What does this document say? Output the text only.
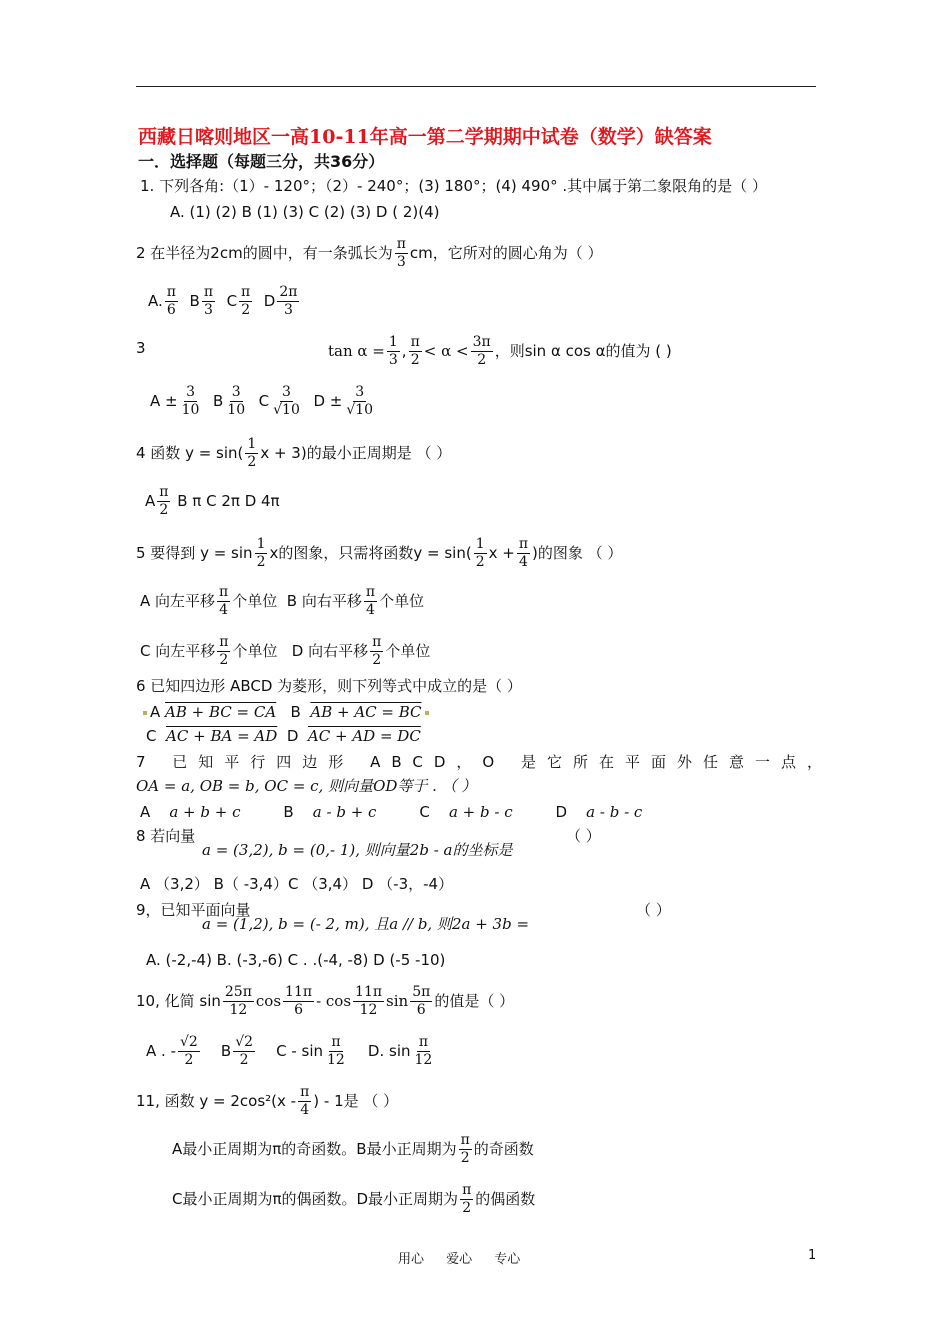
西藏日喀则地区一高10-11年高一第二学期期中试卷（数学）缺答案
一．选择题（每题三分，共36分）
1. 下列各角:（1）- 120°；（2）- 240°；(3) 180°；(4) 490° .其中属于第二象限角的是（ ）
A. (1) (2) B (1) (3) C (2) (3) D ( 2)(4)
2 在半径为2cm的圆中，有一条弧长为 $\frac{\pi}{3}$ cm，它所对的圆心角为（ ）
A. $\frac{\pi}{6}$ B $\frac{\pi}{3}$ C $\frac{\pi}{2}$ D $\frac{2\pi}{3}$
3	$\tan \alpha = \frac{1}{3}$ , $\frac{\pi}{2} < \alpha < \frac{3\pi}{2}$ ，则sin α cos α的值为 ( )
$A \pm \frac{3}{10}$ B $\frac{3}{10}$ C $\frac{3}{√10}$ $D \pm \frac{3}{√10}$
4 函数 $y = \sin( \frac{1}{2}$ x + 3)的最小正周期是 （ ）
A $\frac{\pi}{2}$ B π C 2π D 4π
5 要得到 $y = \sin \frac{1}{2}$ x的图象，只需将函数$y = \sin( \frac{1}{2}$ $x + \frac{\pi}{4}$ )的图象 （ ）
A 向左平移 $\frac{\pi}{4}$ 个单位 B 向右平移 $\frac{\pi}{4}$ 个单位
C 向左平移 $\frac{\pi}{2}$ 个单位 D 向右平移 $\frac{\pi}{2}$ 个单位
6 已知四边形 ABCD 为菱形，则下列等式中成立的是（ ）
A AB + BC = CA B AB + AC = BC
C AC + BA = AD D AC + AD = DC
7 已知平行四边形 ABCD，O 是它所在平面外任意一点，
OA = a, OB = b, OC = c, 则向量OD等于 . （ ）
A a + b + c	B a - b + c	C a + b - c	D a - b - c
8 若向量
a = (3,2), b = (0,- 1), 则向量2b - a的坐标是
（ ）
A （3,2） B（ -3,4）C （3,4） D （-3，-4）
9，已知平面向量
a = (1,2), b = (- 2, m), 且a // b, 则2a + 3b =
（ ）
A. (-2,-4) B. (-3,-6) C . .(-4, -8) D (-5 -10)
10, 化简 $\sin \frac{25\pi}{12}$ $\cos \frac{11\pi}{6}$ - $\cos \frac{11\pi}{12}$ $\sin \frac{5\pi}{6}$ 的值是（ ）
A . - $\frac{√2}{2}$ B $\frac{√2}{2}$ C - $\sin \frac{\pi}{12} D$. $\sin \frac{\pi}{12}$
11, 函数 $y = 2\cos^2(x - \frac{\pi}{4}$ ) - 1是 （ ）
A最小正周期为π的奇函数。B最小正周期为 $\frac{\pi}{2}$ 的奇函数
C最小正周期为π的偶函数。D最小正周期为 $\frac{\pi}{2}$ 的偶函数
用心 爱心 专心	1
